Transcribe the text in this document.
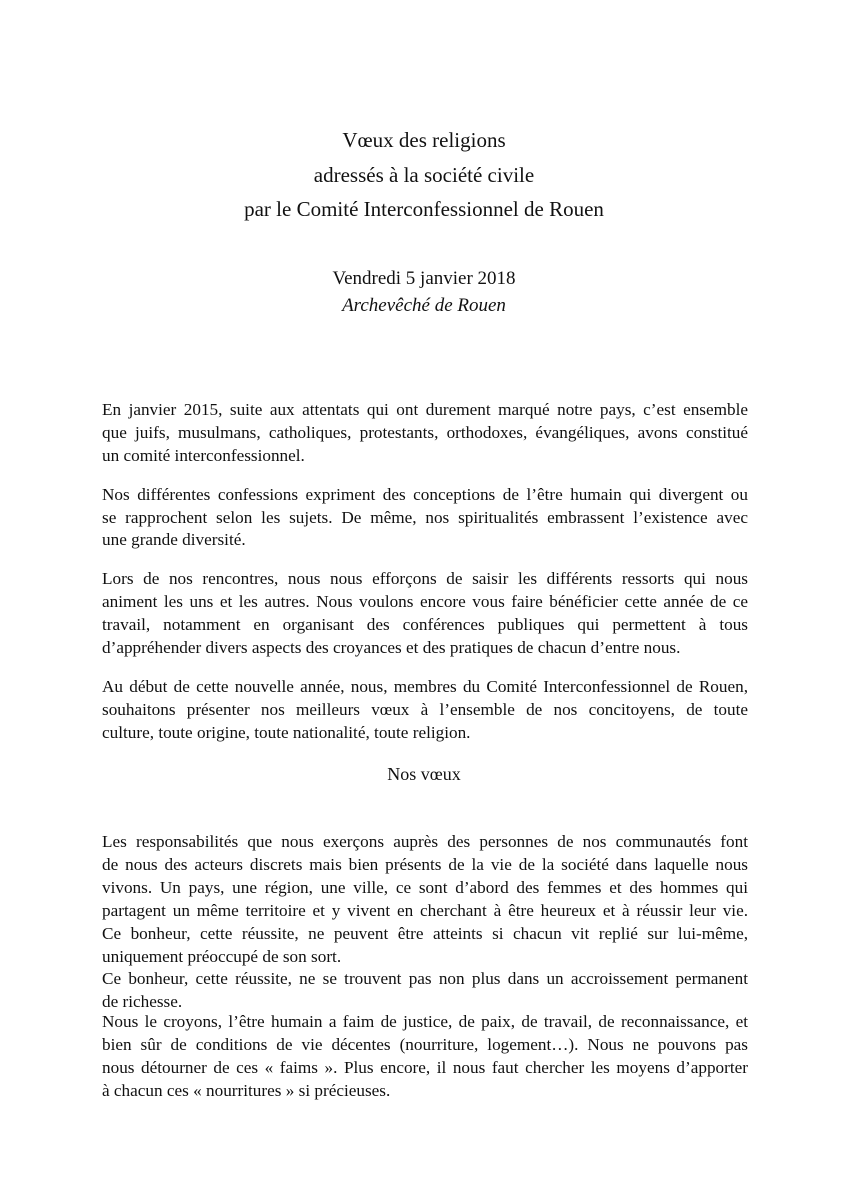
Vœux des religions
adressés à la société civile
par le Comité Interconfessionnel de Rouen
Vendredi 5 janvier 2018
Archevêché de Rouen
En janvier 2015, suite aux attentats qui ont durement marqué notre pays, c’est ensemble
que juifs, musulmans, catholiques, protestants, orthodoxes, évangéliques, avons constitué
un comité interconfessionnel.
Nos différentes confessions expriment des conceptions de l’être humain qui divergent ou
se rapprochent selon les sujets. De même, nos spiritualités embrassent l’existence avec
une grande diversité.
Lors de nos rencontres, nous nous efforçons de saisir les différents ressorts qui nous
animent les uns et les autres. Nous voulons encore vous faire bénéficier cette année de ce
travail, notamment en organisant des conférences publiques qui permettent à tous
d’appréhender divers aspects des croyances et des pratiques de chacun d’entre nous.
Au début de cette nouvelle année, nous, membres du Comité Interconfessionnel de Rouen,
souhaitons présenter nos meilleurs vœux à l’ensemble de nos concitoyens, de toute
culture, toute origine, toute nationalité, toute religion.
Nos vœux
Les responsabilités que nous exerçons auprès des personnes de nos communautés font
de nous des acteurs discrets mais bien présents de la vie de la société dans laquelle nous
vivons. Un pays, une région, une ville, ce sont d’abord des femmes et des hommes qui
partagent un même territoire et y vivent en cherchant à être heureux et à réussir leur vie.
Ce bonheur, cette réussite, ne peuvent être atteints si chacun vit replié sur lui-même,
uniquement préoccupé de son sort.
Ce bonheur, cette réussite, ne se trouvent pas non plus dans un accroissement permanent
de richesse.
Nous le croyons, l’être humain a faim de justice, de paix, de travail, de reconnaissance, et
bien sûr de conditions de vie décentes (nourriture, logement…). Nous ne pouvons pas
nous détourner de ces « faims ». Plus encore, il nous faut chercher les moyens d’apporter
à chacun ces « nourritures » si précieuses.
